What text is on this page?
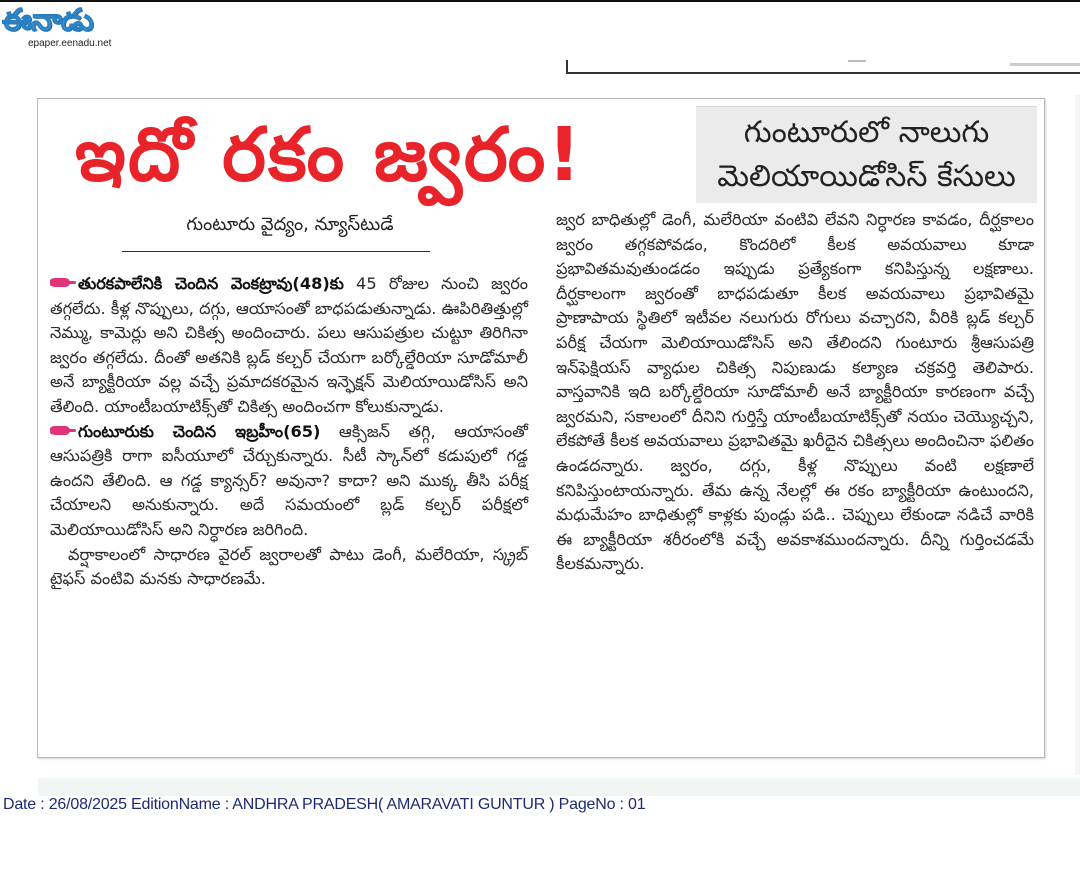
ఈనాడు
epaper.eenadu.net
ఇదో రకం జ్వరం!	గుంటూరులో నాలుగు
మెలియాయిడోసిస్ కేసులు
గుంటూరు వైద్యం, న్యూస్‌టుడే

తురకపాలేనికి చెందిన వెంకట్రావు(48)కు 45 రోజుల నుంచి జ్వరం తగ్గలేదు. కీళ్ల నొప్పులు, దగ్గు, ఆయాసంతో బాధపడుతున్నాడు. ఊపిరితిత్తుల్లో నెమ్ము, కామెర్లు అని చికిత్స అందించారు. పలు ఆసుపత్రుల చుట్టూ తిరిగినా జ్వరం తగ్గలేదు. దీంతో అతనికి బ్లడ్ కల్చర్ చేయగా బర్కోల్డేరియా సూడోమాలీ అనే బ్యాక్టీరియా వల్ల వచ్చే ప్రమాదకరమైన ఇన్ఫెక్షన్ మెలియాయిడోసిస్ అని తేలింది. యాంటీబయాటిక్స్‌తో చికిత్స అందించగా కోలుకున్నాడు.

గుంటూరుకు చెందిన ఇబ్రహీం(65) ఆక్సిజన్ తగ్గి, ఆయాసంతో ఆసుపత్రికి రాగా ఐసీయూలో చేర్చుకున్నారు. సీటీ స్కాన్‌లో కడుపులో గడ్డ ఉందని తేలింది. ఆ గడ్డ క్యాన్సర్? అవునా? కాదా? అని ముక్క తీసి పరీక్ష చేయాలని అనుకున్నారు. అదే సమయంలో బ్లడ్ కల్చర్ పరీక్షలో మెలియాయిడోసిస్ అని నిర్ధారణ జరిగింది.

వర్షాకాలంలో సాధారణ వైరల్ జ్వరాలతో పాటు డెంగీ, మలేరియా, స్క్రబ్ టైఫస్ వంటివి మనకు సాధారణమే.

జ్వర బాధితుల్లో డెంగీ, మలేరియా వంటివి లేవని నిర్ధారణ కావడం, దీర్ఘకాలం జ్వరం తగ్గకపోవడం, కొందరిలో కీలక అవయవాలు కూడా ప్రభావితమవుతుండడం ఇప్పుడు ప్రత్యేకంగా కనిపిస్తున్న లక్షణాలు. దీర్ఘకాలంగా జ్వరంతో బాధపడుతూ కీలక అవయవాలు ప్రభావితమై ప్రాణాపాయ స్థితిలో ఇటీవల నలుగురు రోగులు వచ్చారని, వీరికి బ్లడ్ కల్చర్ పరీక్ష చేయగా మెలియాయిడోసిస్ అని తేలిందని గుంటూరు శ్రీఆసుపత్రి ఇన్‌ఫెక్షియస్ వ్యాధుల చికిత్స నిపుణుడు కల్యాణ చక్రవర్తి తెలిపారు. వాస్తవానికి ఇది బర్కోల్డేరియా సూడోమాలీ అనే బ్యాక్టీరియా కారణంగా వచ్చే జ్వరమని, సకాలంలో దీనిని గుర్తిస్తే యాంటీబయాటిక్స్‌తో నయం చెయ్యొచ్చని, లేకపోతే కీలక అవయవాలు ప్రభావితమై ఖరీదైన చికిత్సలు అందించినా ఫలితం ఉండదన్నారు. జ్వరం, దగ్గు, కీళ్ల నొప్పులు వంటి లక్షణాలే కనిపిస్తుంటాయన్నారు. తేమ ఉన్న నేలల్లో ఈ రకం బ్యాక్టీరియా ఉంటుందని, మధుమేహం బాధితుల్లో కాళ్లకు పుండ్లు పడి.. చెప్పులు లేకుండా నడిచే వారికి ఈ బ్యాక్టీరియా శరీరంలోకి వచ్చే అవకాశముందన్నారు. దీన్ని గుర్తించడమే కీలకమన్నారు.

Date : 26/08/2025 EditionName : ANDHRA PRADESH( AMARAVATI GUNTUR ) PageNo : 01
